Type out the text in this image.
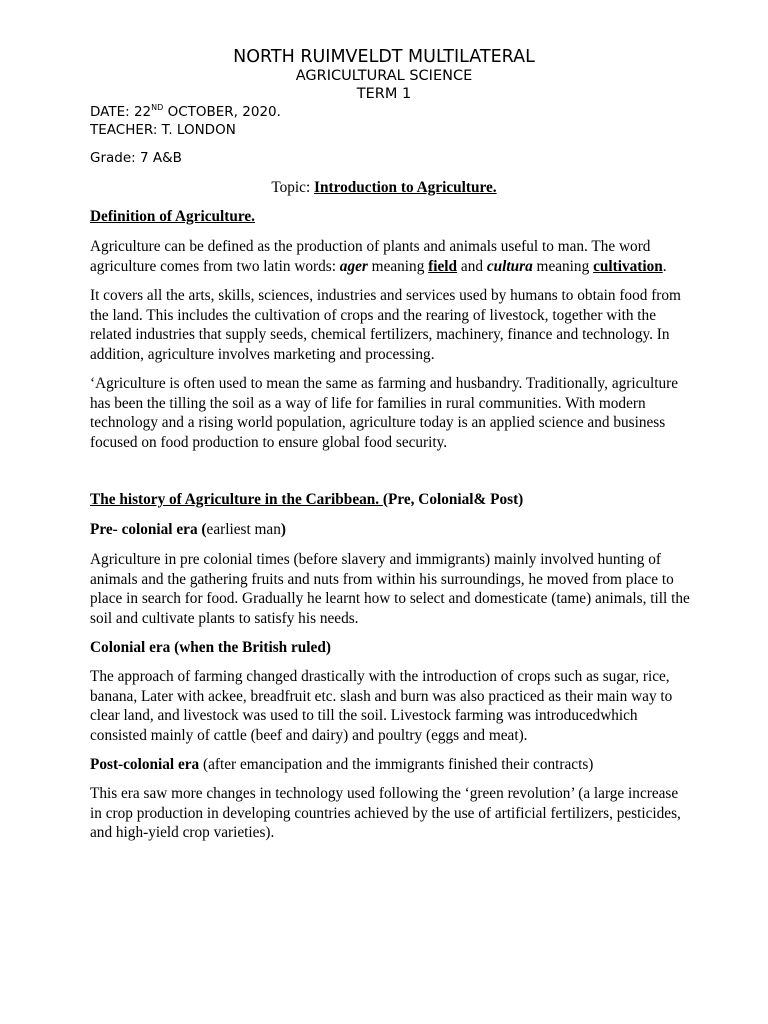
NORTH RUIMVELDT MULTILATERAL
AGRICULTURAL SCIENCE
TERM 1
DATE: 22ND OCTOBER, 2020.
TEACHER: T. LONDON
Grade: 7 A&B
Topic: Introduction to Agriculture.
Definition of Agriculture.
Agriculture can be defined as the production of plants and animals useful to man. The word agriculture comes from two latin words: ager meaning field and cultura meaning cultivation.
It covers all the arts, skills, sciences, industries and services used by humans to obtain food from the land. This includes the cultivation of crops and the rearing of livestock, together with the related industries that supply seeds, chemical fertilizers, machinery, finance and technology. In addition, agriculture involves marketing and processing.
‘Agriculture is often used to mean the same as farming and husbandry. Traditionally, agriculture has been the tilling the soil as a way of life for families in rural communities. With modern technology and a rising world population, agriculture today is an applied science and business focused on food production to ensure global food security.
The history of Agriculture in the Caribbean. (Pre, Colonial& Post)
Pre- colonial era (earliest man)
Agriculture in pre colonial times (before slavery and immigrants) mainly involved hunting of animals and the gathering fruits and nuts from within his surroundings, he moved from place to place in search for food. Gradually he learnt how to select and domesticate (tame) animals, till the soil and cultivate plants to satisfy his needs.
Colonial era (when the British ruled)
The approach of farming changed drastically with the introduction of crops such as sugar, rice, banana, Later with ackee, breadfruit etc. slash and burn was also practiced as their main way to clear land, and livestock was used to till the soil. Livestock farming was introducedwhich consisted mainly of cattle (beef and dairy) and poultry (eggs and meat).
Post-colonial era (after emancipation and the immigrants finished their contracts)
This era saw more changes in technology used following the ‘green revolution’ (a large increase in crop production in developing countries achieved by the use of artificial fertilizers, pesticides, and high-yield crop varieties).
